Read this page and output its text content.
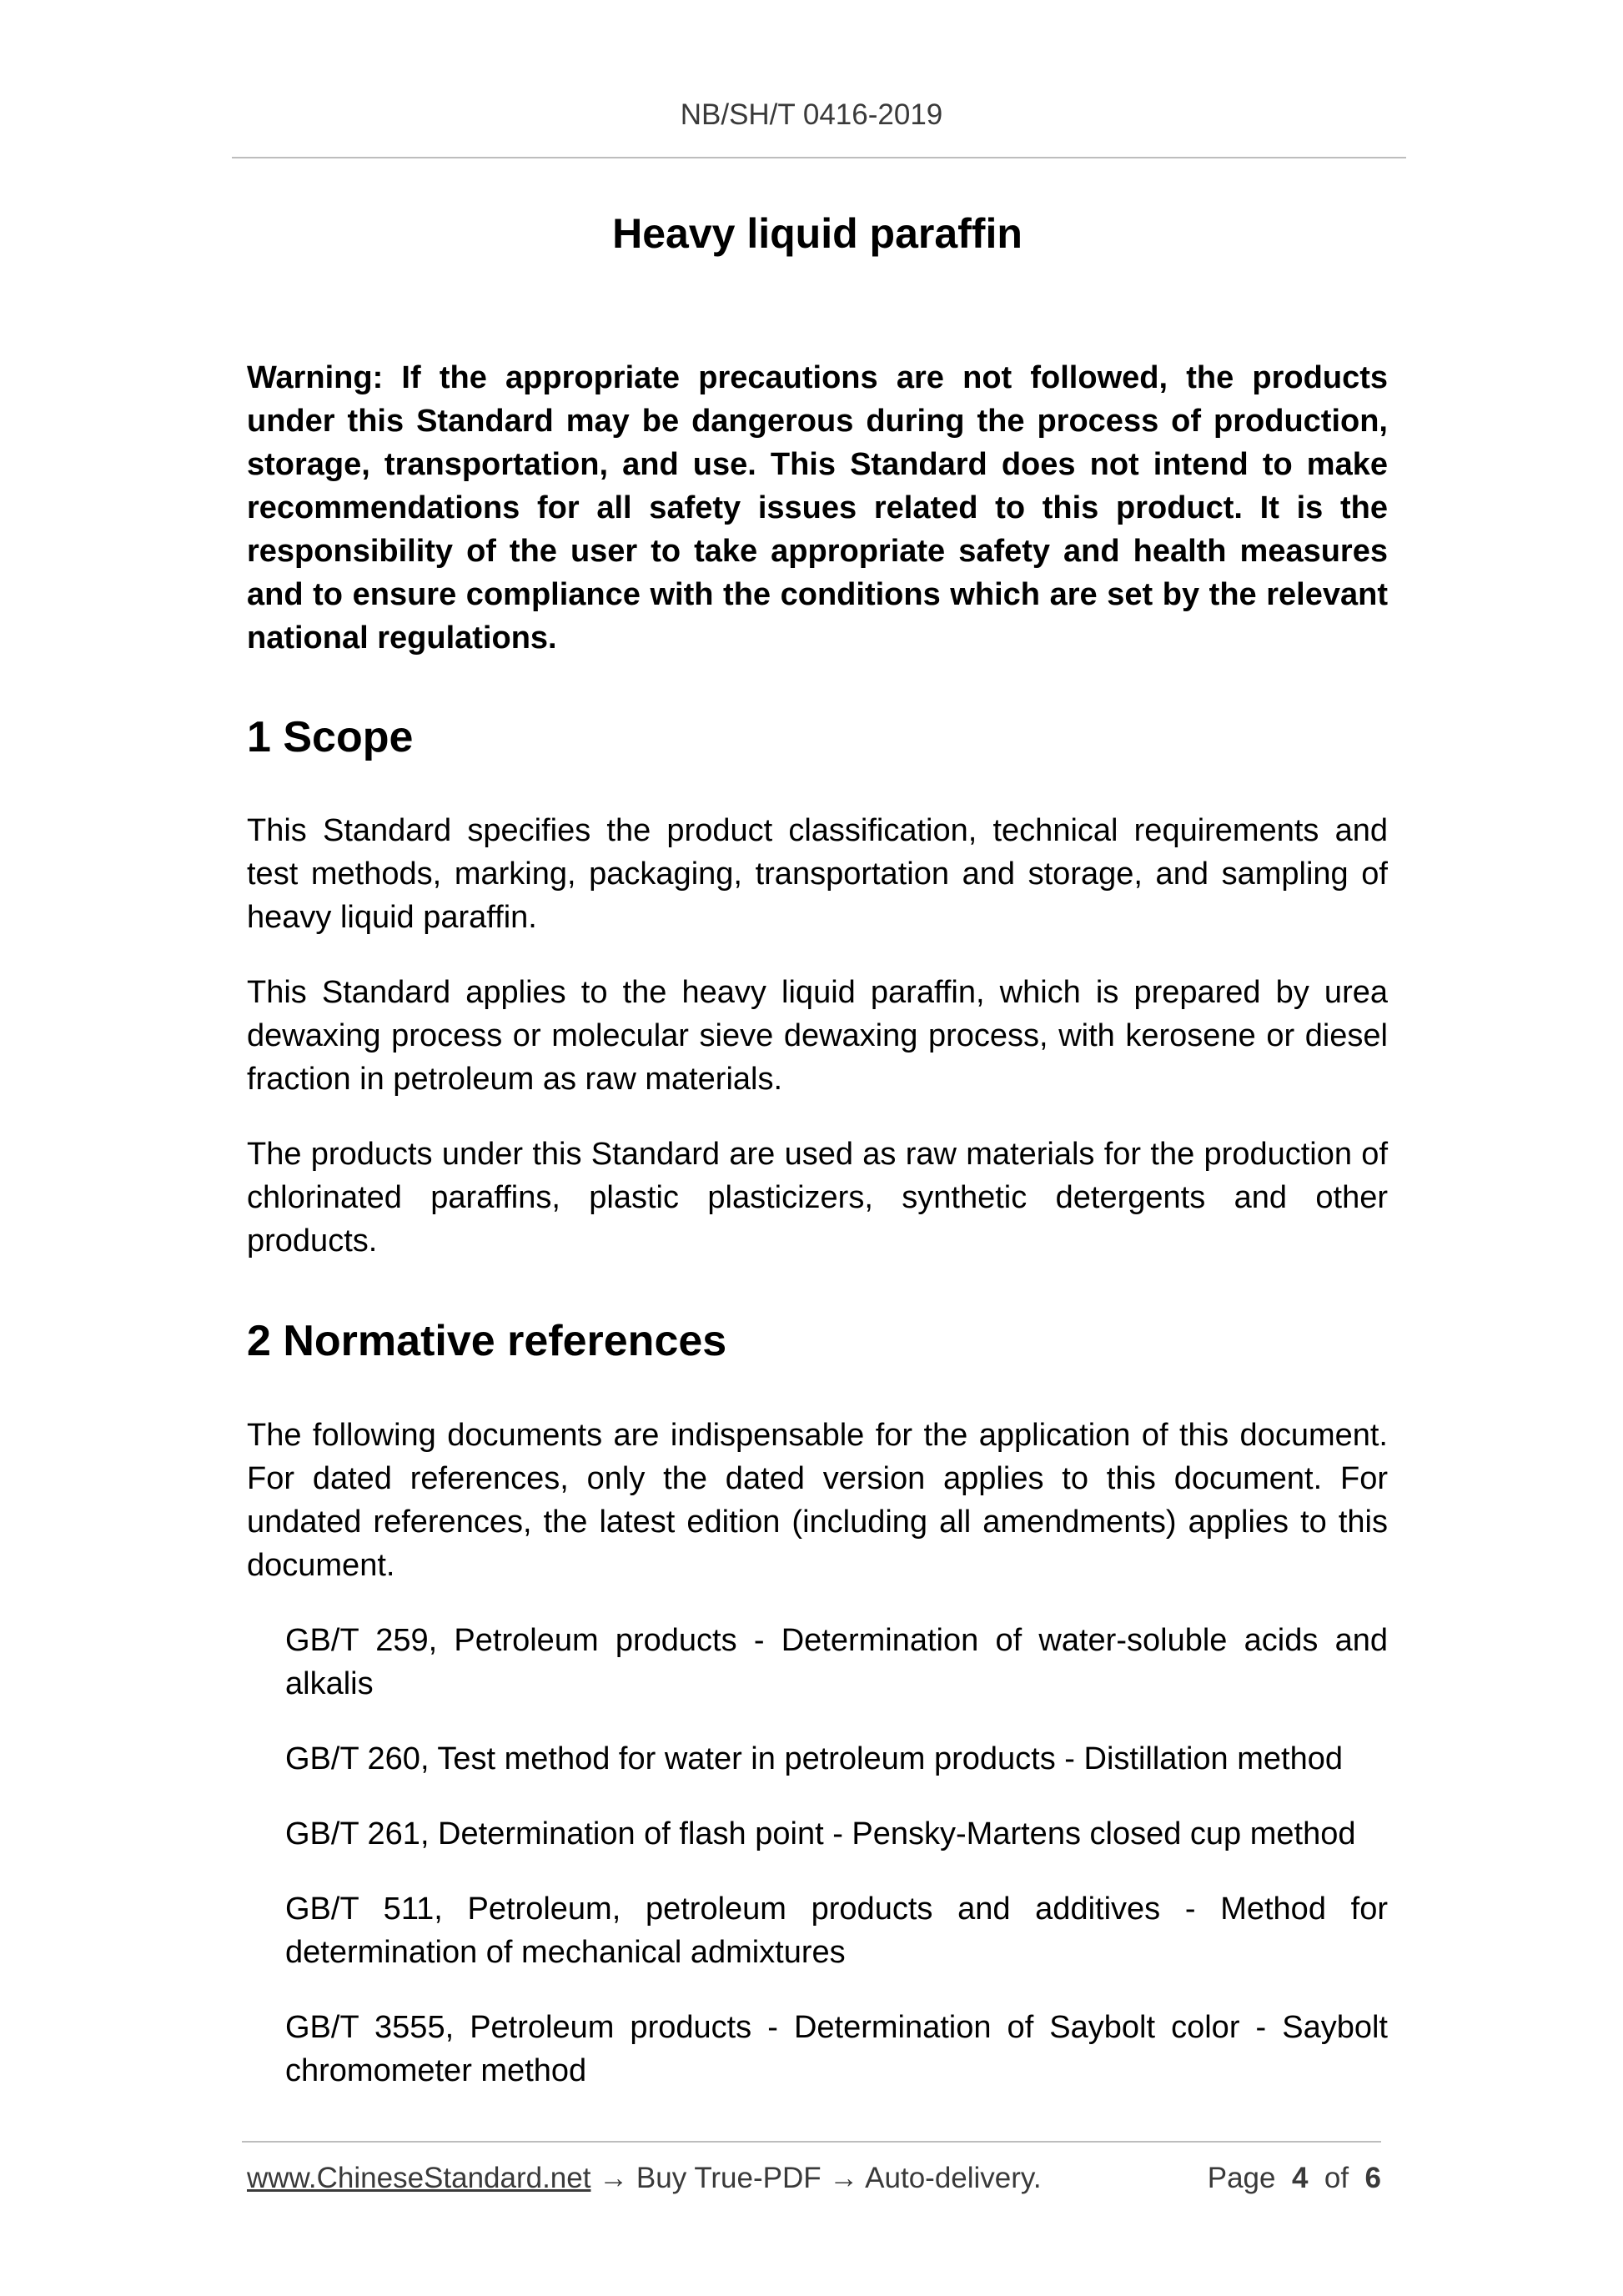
NB/SH/T 0416-2019
Heavy liquid paraffin

Warning: If the appropriate precautions are not followed, the products under this Standard may be dangerous during the process of production, storage, transportation, and use. This Standard does not intend to make recommendations for all safety issues related to this product. It is the responsibility of the user to take appropriate safety and health measures and to ensure compliance with the conditions which are set by the relevant national regulations.

1 Scope

This Standard specifies the product classification, technical requirements and test methods, marking, packaging, transportation and storage, and sampling of heavy liquid paraffin.

This Standard applies to the heavy liquid paraffin, which is prepared by urea dewaxing process or molecular sieve dewaxing process, with kerosene or diesel fraction in petroleum as raw materials.

The products under this Standard are used as raw materials for the production of chlorinated paraffins, plastic plasticizers, synthetic detergents and other products.

2 Normative references

The following documents are indispensable for the application of this document. For dated references, only the dated version applies to this document. For undated references, the latest edition (including all amendments) applies to this document.

GB/T 259, Petroleum products - Determination of water-soluble acids and alkalis
GB/T 260, Test method for water in petroleum products - Distillation method
GB/T 261, Determination of flash point - Pensky-Martens closed cup method
GB/T 511, Petroleum, petroleum products and additives - Method for determination of mechanical admixtures
GB/T 3555, Petroleum products - Determination of Saybolt color - Saybolt chromometer method
www.ChineseStandard.net → Buy True-PDF → Auto-delivery.	Page 4 of 6
